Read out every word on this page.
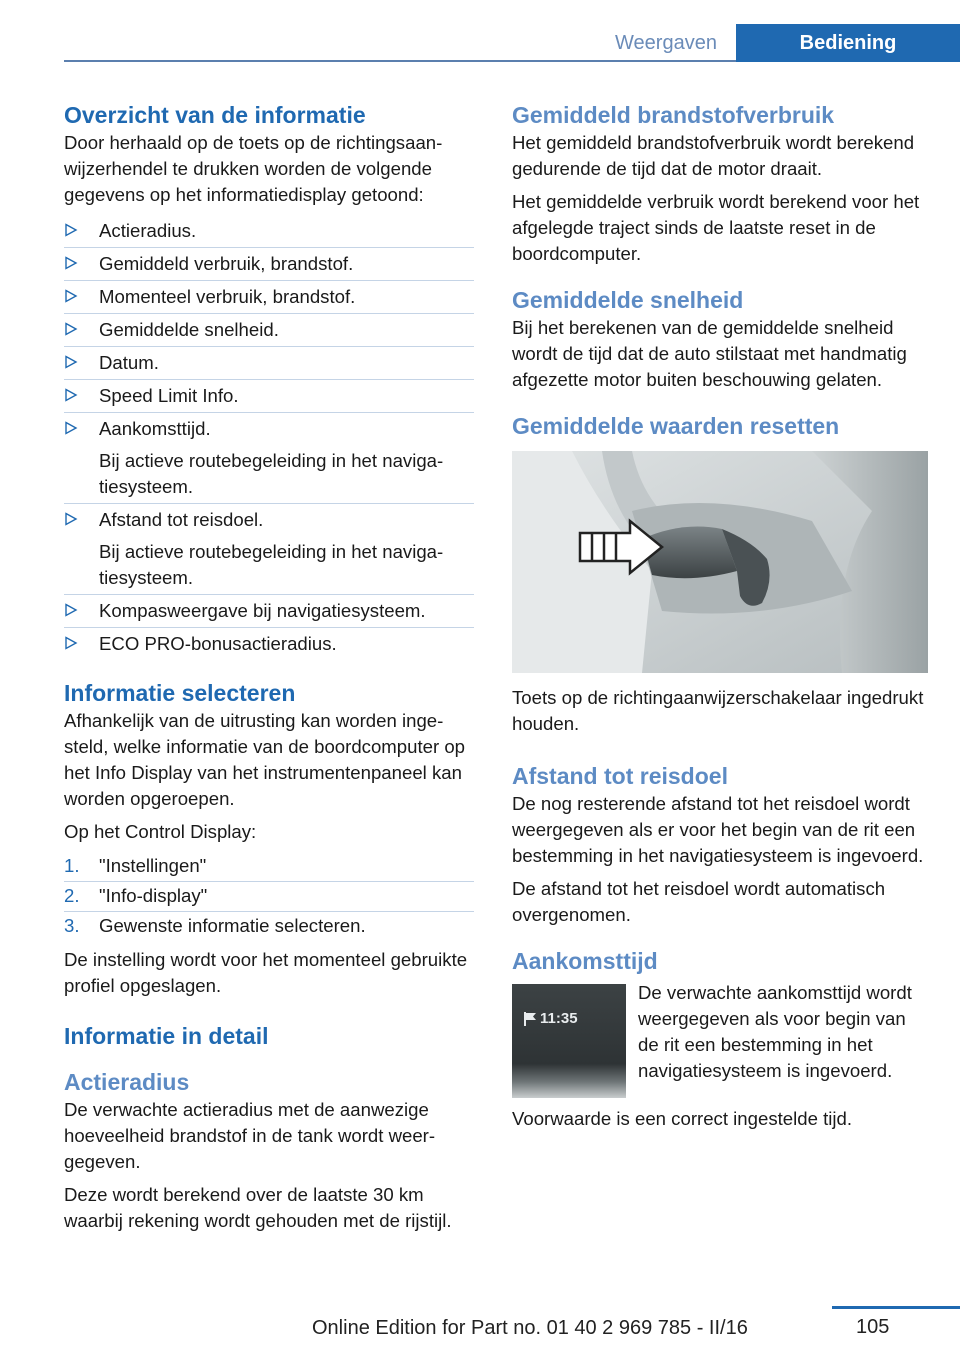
Weergaven	Bediening
Overzicht van de informatie

Door herhaald op de toets op de richtingsaanwijzerhendel te drukken worden de volgende gegevens op het informatiedisplay getoond:

Actieradius.
Gemiddeld verbruik, brandstof.
Momenteel verbruik, brandstof.
Gemiddelde snelheid.
Datum.
Speed Limit Info.
Aankomsttijd.
Bij actieve routebegeleiding in het navigatiesysteem.
Afstand tot reisdoel.
Bij actieve routebegeleiding in het navigatiesysteem.
Kompasweergave bij navigatiesysteem.
ECO PRO-bonusactieradius.
Informatie selecteren

Afhankelijk van de uitrusting kan worden ingesteld, welke informatie van de boordcomputer op het Info Display van het instrumentenpaneel kan worden opgeroepen.

Op het Control Display:

1. "Instellingen"
2. "Info-display"
3. Gewenste informatie selecteren.

De instelling wordt voor het momenteel gebruikte profiel opgeslagen.

Informatie in detail
Actieradius

De verwachte actieradius met de aanwezige hoeveelheid brandstof in de tank wordt weergegeven.

Deze wordt berekend over de laatste 30 km waarbij rekening wordt gehouden met de rijstijl.

Gemiddeld brandstofverbruik

Het gemiddeld brandstofverbruik wordt berekend gedurende de tijd dat de motor draait.

Het gemiddelde verbruik wordt berekend voor het afgelegde traject sinds de laatste reset in de boordcomputer.

Gemiddelde snelheid

Bij het berekenen van de gemiddelde snelheid wordt de tijd dat de auto stilstaat met handmatig afgezette motor buiten beschouwing gelaten.

Gemiddelde waarden resetten

Toets op de richtingaanwijzerschakelaar ingedrukt houden.

Afstand tot reisdoel

De nog resterende afstand tot het reisdoel wordt weergegeven als er voor het begin van de rit een bestemming in het navigatiesysteem is ingevoerd.

De afstand tot het reisdoel wordt automatisch overgenomen.

Aankomsttijd
11:35

De verwachte aankomsttijd wordt weergegeven als voor begin van de rit een bestemming in het navigatiesysteem is ingevoerd.

Voorwaarde is een correct ingestelde tijd.

105
Online Edition for Part no. 01 40 2 969 785 - II/16
